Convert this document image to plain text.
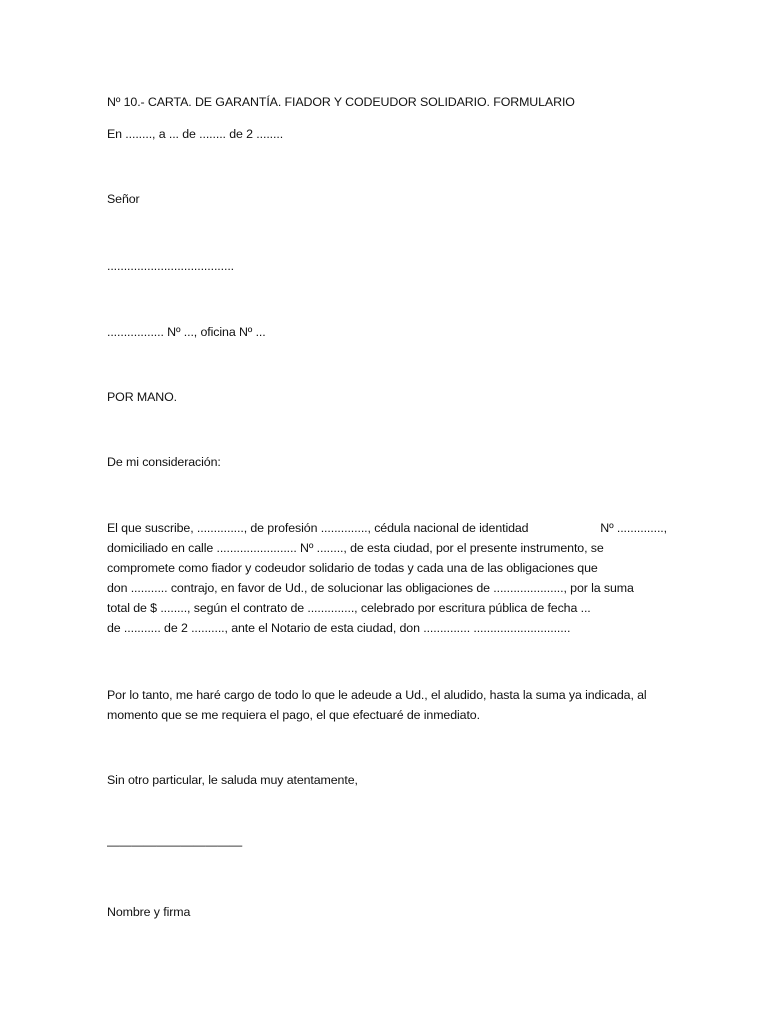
Nº 10.- CARTA. DE GARANTÍA. FIADOR Y CODEUDOR SOLIDARIO. FORMULARIO
En ........, a ... de ........ de 2 ........
Señor
......................................
................. Nº ..., oficina Nº ...
POR MANO.
De mi consideración:
El que suscribe, .............., de profesión .............., cédula nacional de identidad	Nº ..............,
domiciliado en calle ........................ Nº ........, de esta ciudad, por el presente instrumento, se
compromete como fiador y codeudor solidario de todas y cada una de las obligaciones que
don ........... contrajo, en favor de Ud., de solucionar las obligaciones de ....................., por la suma
total de $ ........, según el contrato de .............., celebrado por escritura pública de fecha ...
de ........... de 2 .........., ante el Notario de esta ciudad, don .............. .............................
Por lo tanto, me haré cargo de todo lo que le adeude a Ud., el aludido, hasta la suma ya indicada, al
momento que se me requiera el pago, el que efectuaré de inmediato.
Sin otro particular, le saluda muy atentamente,
———————————
Nombre y firma
